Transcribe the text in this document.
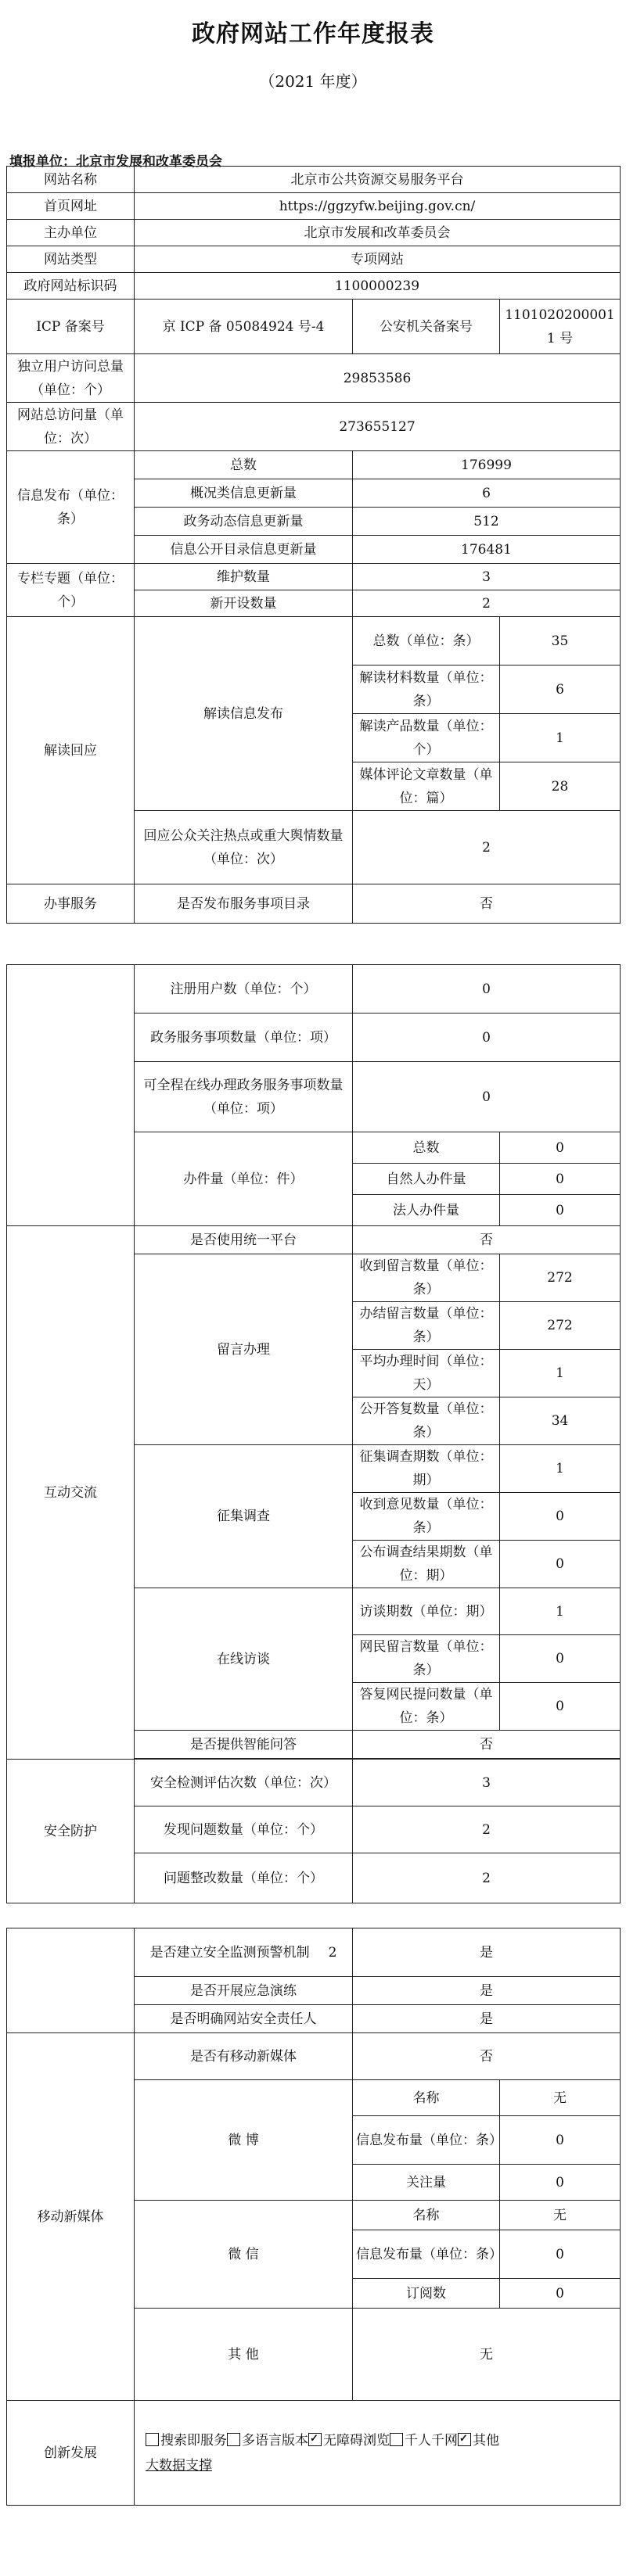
政府网站工作年度报表
（2021 年度）
填报单位：北京市发展和改革委员会
网站名称	北京市公共资源交易服务平台		
首页网址	https://ggzyfw.beijing.gov.cn/		
主办单位	北京市发展和改革委员会		
网站类型	专项网站		
政府网站标识码	1100000239		
ICP 备案号	京 ICP 备 05084924 号-4	公安机关备案号	11010202000011 号
独立用户访问总量（单位：个）	29853586		
网站总访问量（单位：次）	273655127		
信息发布（单位：条）	总数	176999	
	概况类信息更新量	6	
	政务动态信息更新量	512	
	信息公开目录信息更新量	176481	
专栏专题（单位：个）	维护数量	3	
	新开设数量	2	
解读回应	解读信息发布	总数（单位：条）	35
		解读材料数量（单位：条）	6
		解读产品数量（单位：个）	1
		媒体评论文章数量（单位：篇）	28
	回应公众关注热点或重大舆情数量（单位：次）	2	
办事服务	是否发布服务事项目录	否	
	注册用户数（单位：个）	0	
	政务服务事项数量（单位：项）	0	
	可全程在线办理政务服务事项数量（单位：项）	0	
	办件量（单位：件）	总数	0
		自然人办件量	0
		法人办件量	0
互动交流	是否使用统一平台	否	
	留言办理	收到留言数量（单位：条）	272
		办结留言数量（单位：条）	272
		平均办理时间（单位：天）	1
		公开答复数量（单位：条）	34
	征集调查	征集调查期数（单位：期）	1
		收到意见数量（单位：条）	0
		公布调查结果期数（单位：期）	0
	在线访谈	访谈期数（单位：期）	1
		网民留言数量（单位：条）	0
		答复网民提问数量（单位：条）	0
	是否提供智能问答	否	

安全防护	安全检测评估次数（单位：次）	3	
	发现问题数量（单位：个）	2	
	问题整改数量（单位：个）	2	
	是否建立安全监测预警机制 2	是	
	是否开展应急演练	是	
	是否明确网站安全责任人	是	
移动新媒体	是否有移动新媒体	否	
	微 博	名称	无
		信息发布量（单位：条）	0
		关注量	0
	微 信	名称	无
		信息发布量（单位：条）	0
		订阅数	0
	其 他	无	
创新发展	搜索即服务 多语言版本 ✓ 无障碍浏览 千人千网 ✓ 其他
大数据支撑
